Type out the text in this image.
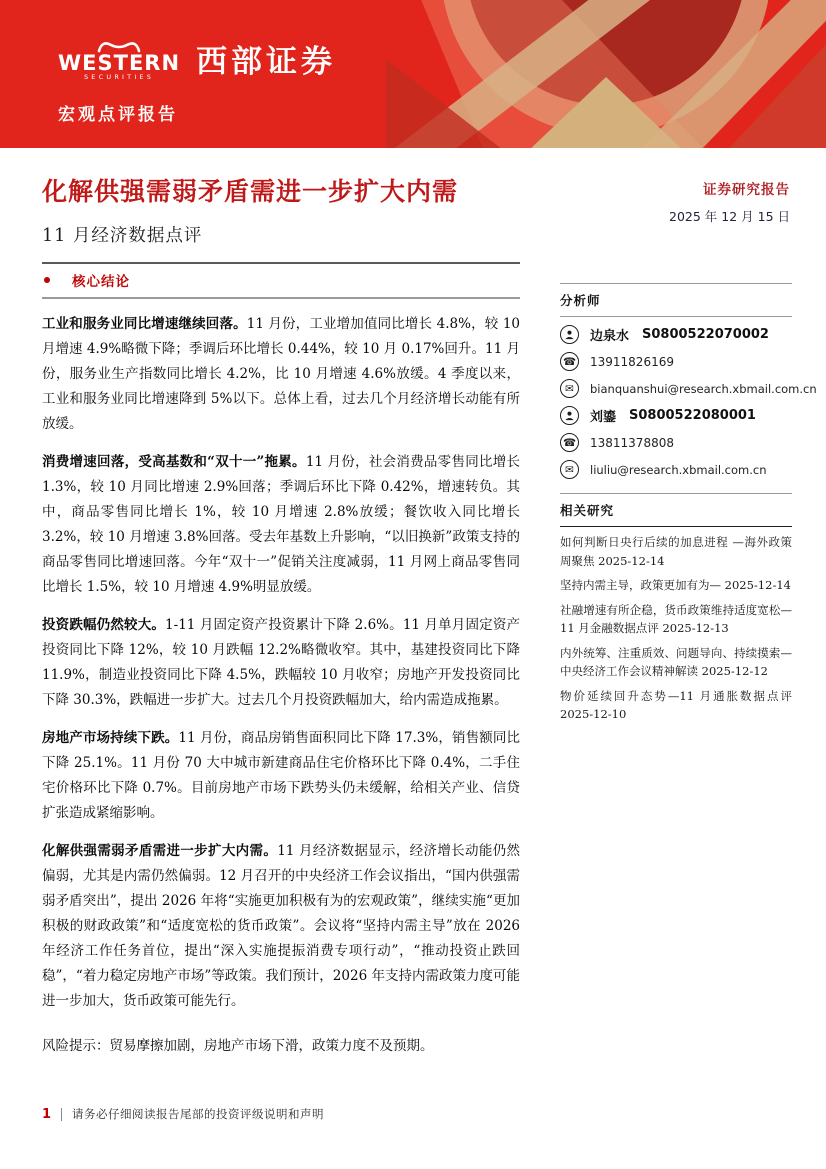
WESTERN
SECURITIES 西部证券
宏观点评报告
化解供强需弱矛盾需进一步扩大内需	证券研究报告
2025 年 12 月 15 日
11 月经济数据点评
核心结论

工业和服务业同比增速继续回落。11 月份，工业增加值同比增长 4.8%，较 10 月增速 4.9%略微下降；季调后环比增长 0.44%，较 10 月 0.17%回升。11 月份，服务业生产指数同比增长 4.2%，比 10 月增速 4.6%放缓。4 季度以来，工业和服务业同比增速降到 5%以下。总体上看，过去几个月经济增长动能有所放缓。

消费增速回落，受高基数和“双十一”拖累。11 月份，社会消费品零售同比增长 1.3%，较 10 月同比增速 2.9%回落；季调后环比下降 0.42%，增速转负。其中，商品零售同比增长 1%，较 10 月增速 2.8%放缓；餐饮收入同比增长 3.2%，较 10 月增速 3.8%回落。受去年基数上升影响，“以旧换新”政策支持的商品零售同比增速回落。今年“双十一”促销关注度减弱，11 月网上商品零售同比增长 1.5%，较 10 月增速 4.9%明显放缓。

投资跌幅仍然较大。1-11 月固定资产投资累计下降 2.6%。11 月单月固定资产投资同比下降 12%，较 10 月跌幅 12.2%略微收窄。其中，基建投资同比下降 11.9%，制造业投资同比下降 4.5%，跌幅较 10 月收窄；房地产开发投资同比下降 30.3%，跌幅进一步扩大。过去几个月投资跌幅加大，给内需造成拖累。

房地产市场持续下跌。11 月份，商品房销售面积同比下降 17.3%，销售额同比下降 25.1%。11 月份 70 大中城市新建商品住宅价格环比下降 0.4%，二手住宅价格环比下降 0.7%。目前房地产市场下跌势头仍未缓解，给相关产业、信贷扩张造成紧缩影响。

化解供强需弱矛盾需进一步扩大内需。11 月经济数据显示，经济增长动能仍然偏弱，尤其是内需仍然偏弱。12 月召开的中央经济工作会议指出，“国内供强需弱矛盾突出”，提出 2026 年将“实施更加积极有为的宏观政策”，继续实施“更加积极的财政政策”和“适度宽松的货币政策”。会议将“坚持内需主导”放在 2026 年经济工作任务首位，提出“深入实施提振消费专项行动”，“推动投资止跌回稳”，“着力稳定房地产市场”等政策。我们预计，2026 年支持内需政策力度可能进一步加大，货币政策可能先行。

风险提示：贸易摩擦加剧，房地产市场下滑，政策力度不及预期。

分析师
边泉水 S0800522070002
☎ 13911826169
✉	bianquanshui@research.xbmail.com.cn
刘鎏 S0800522080001
☎ 13811378808
✉	liuliu@research.xbmail.com.cn
相关研究
如何判断日央行后续的加息进程 —海外政策周聚焦 2025-12-14
坚持内需主导，政策更加有为— 2025-12-14
社融增速有所企稳，货币政策维持适度宽松—11 月金融数据点评 2025-12-13
内外统筹、注重质效、问题导向、持续摸索—中央经济工作会议精神解读 2025-12-12
物价延续回升态势—11 月通胀数据点评 2025-12-10
1 请务必仔细阅读报告尾部的投资评级说明和声明
